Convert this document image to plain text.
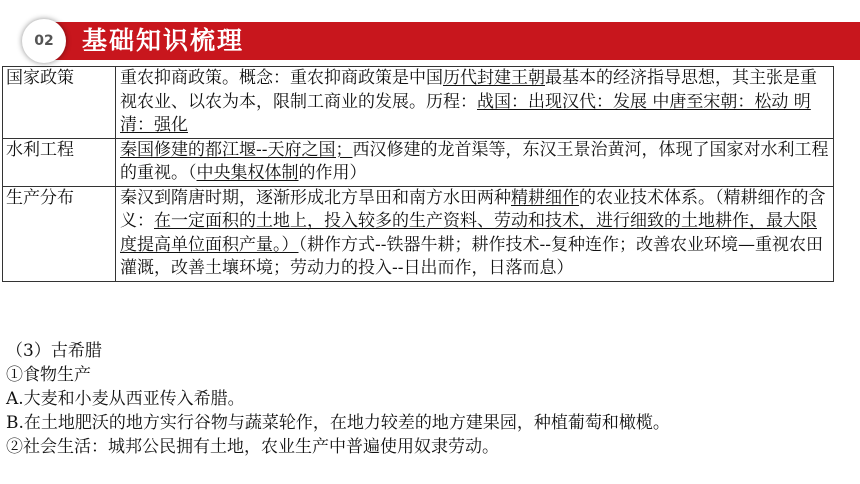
基础知识梳理
02
国家政策	重农抑商政策。概念：重农抑商政策是中国历代封建王朝最基本的经济指导思想，其主张是重视农业、以农为本，限制工商业的发展。历程：战国：出现汉代：发展 中唐至宋朝：松动 明清：强化
水利工程	秦国修建的都江堰--天府之国；西汉修建的龙首渠等，东汉王景治黄河，体现了国家对水利工程的重视。（中央集权体制的作用）
生产分布	秦汉到隋唐时期，逐渐形成北方旱田和南方水田两种精耕细作的农业技术体系。（精耕细作的含义：在一定面积的土地上，投入较多的生产资料、劳动和技术，进行细致的土地耕作，最大限度提高单位面积产量。）（耕作方式--铁器牛耕；耕作技术--复种连作；改善农业环境—重视农田灌溉，改善土壤环境；劳动力的投入--日出而作，日落而息）

（3）古希腊

①食物生产

A.大麦和小麦从西亚传入希腊。

B.在土地肥沃的地方实行谷物与蔬菜轮作，在地力较差的地方建果园，种植葡萄和橄榄。

②社会生活：城邦公民拥有土地，农业生产中普遍使用奴隶劳动。
